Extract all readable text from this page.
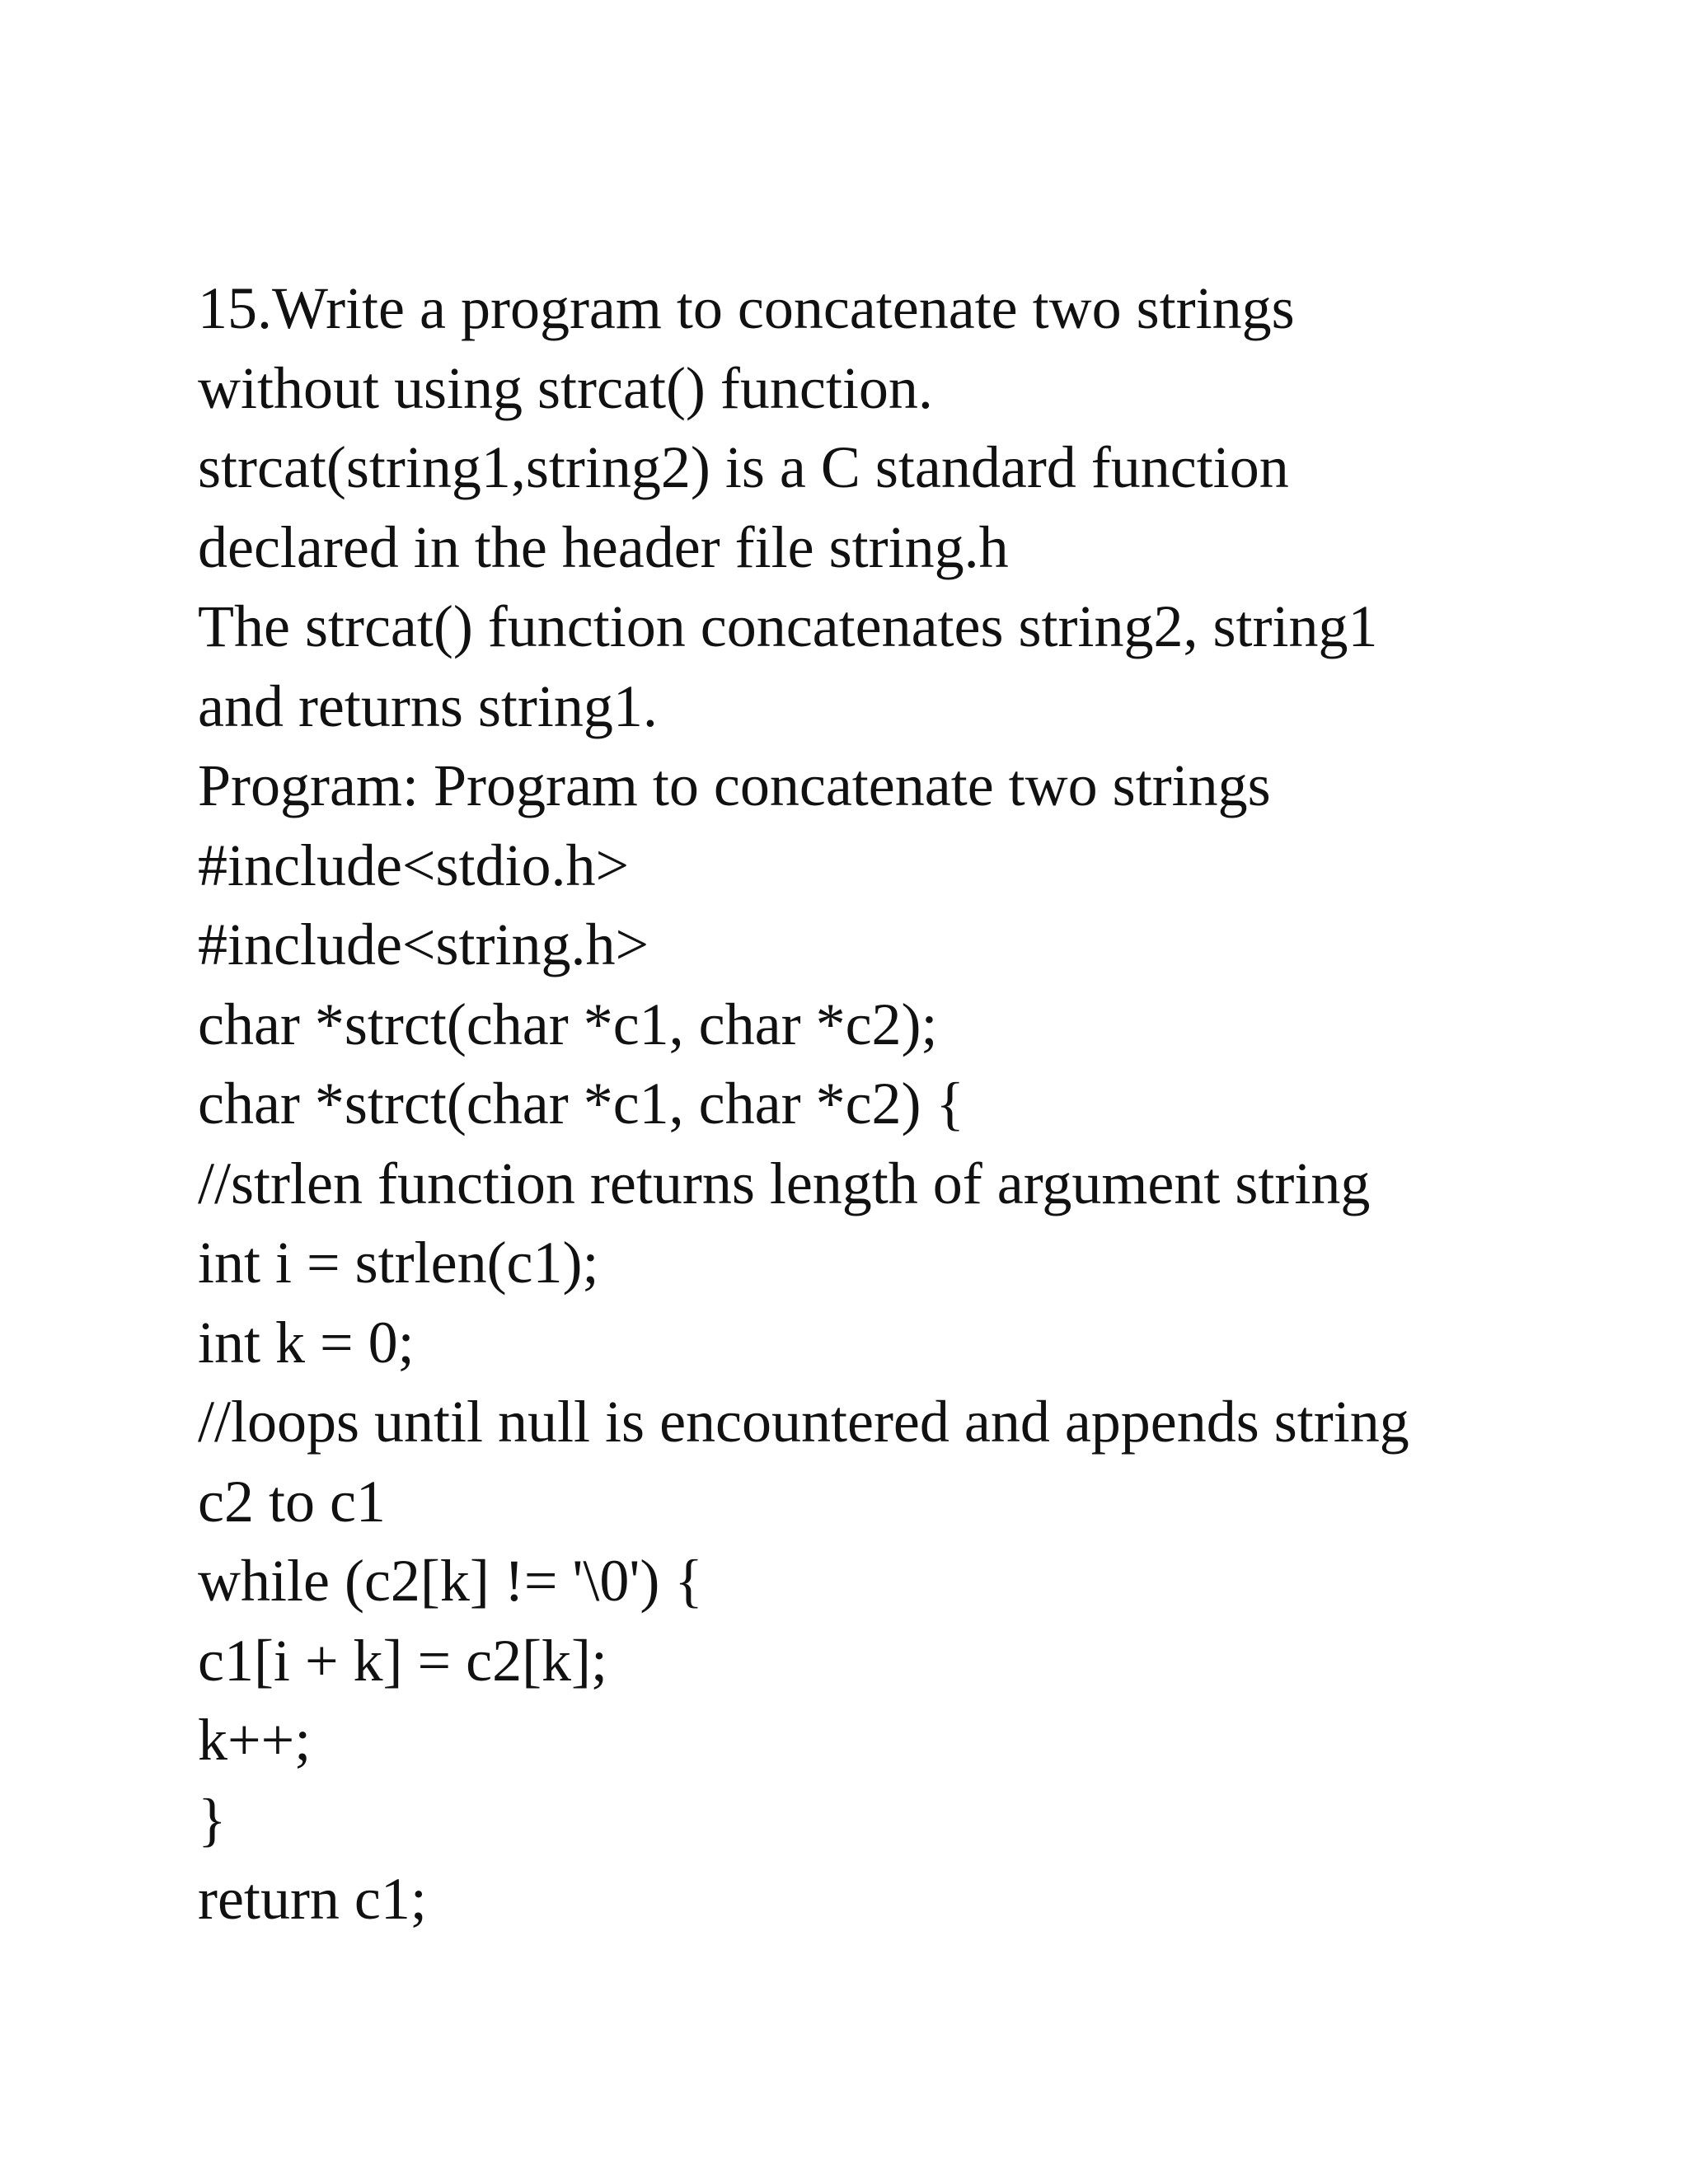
15.Write a program to concatenate two strings
without using strcat() function.
strcat(string1,string2) is a C standard function
declared in the header file string.h
The strcat() function concatenates string2, string1
and returns string1.
Program: Program to concatenate two strings
#include<stdio.h>
#include<string.h>
char *strct(char *c1, char *c2);
char *strct(char *c1, char *c2) {
//strlen function returns length of argument string
int i = strlen(c1);
int k = 0;
//loops until null is encountered and appends string
c2 to c1
while (c2[k] != '\0') {
c1[i + k] = c2[k];
k++;
}
return c1;
